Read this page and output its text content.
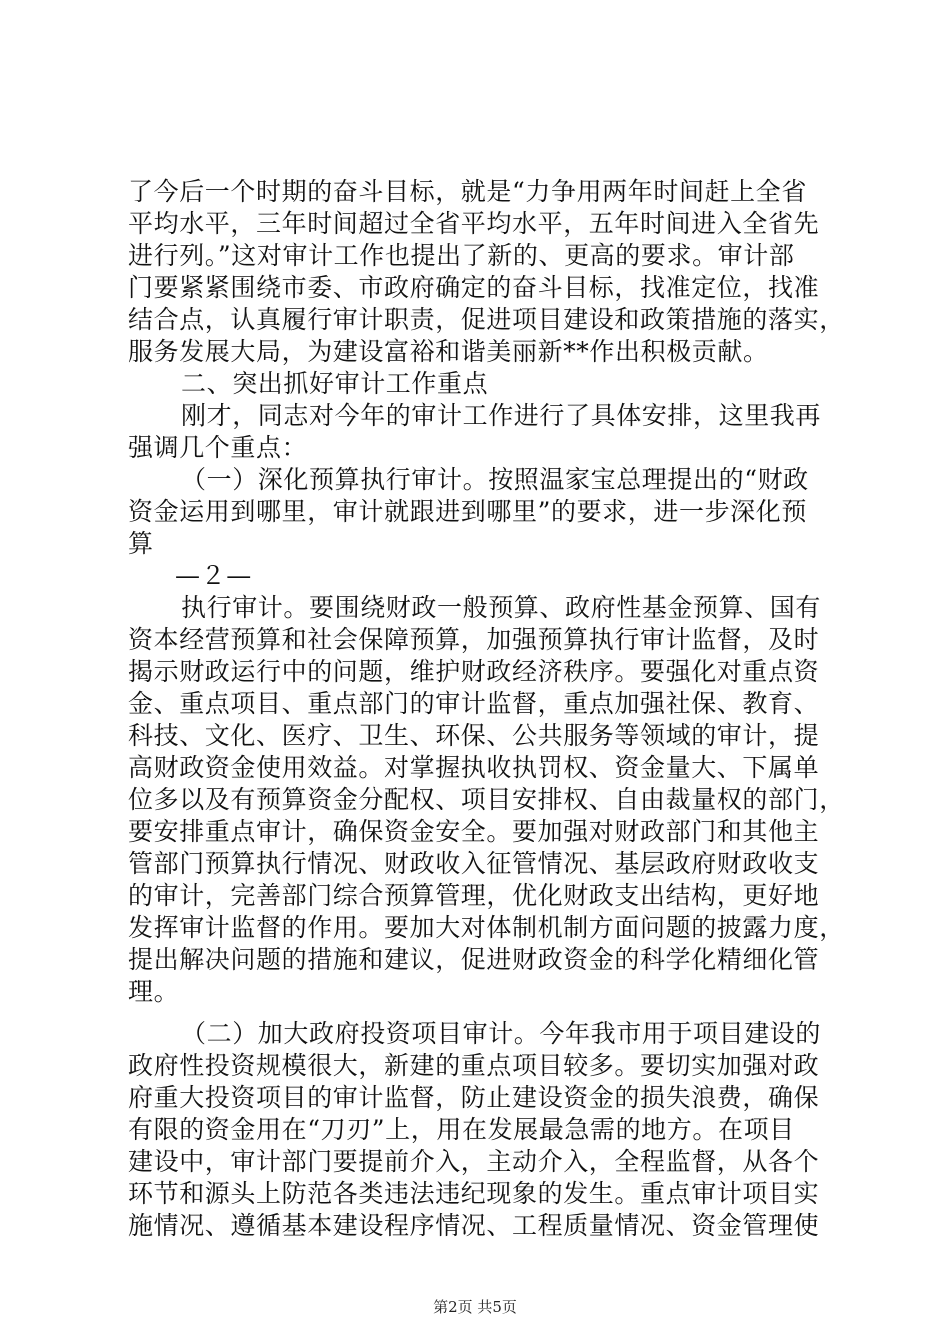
了今后一个时期的奋斗目标，就是“力争用两年时间赶上全省
平均水平，三年时间超过全省平均水平，五年时间进入全省先
进行列。”这对审计工作也提出了新的、更高的要求。审计部
门要紧紧围绕市委、市政府确定的奋斗目标，找准定位，找准
结合点，认真履行审计职责，促进项目建设和政策措施的落实，
服务发展大局，为建设富裕和谐美丽新**作出积极贡献。
二、突出抓好审计工作重点
刚才，同志对今年的审计工作进行了具体安排，这里我再
强调几个重点：
（一）深化预算执行审计。按照温家宝总理提出的“财政
资金运用到哪里，审计就跟进到哪里”的要求，进一步深化预
算
—２—
执行审计。要围绕财政一般预算、政府性基金预算、国有
资本经营预算和社会保障预算，加强预算执行审计监督，及时
揭示财政运行中的问题，维护财政经济秩序。要强化对重点资
金、重点项目、重点部门的审计监督，重点加强社保、教育、
科技、文化、医疗、卫生、环保、公共服务等领域的审计，提
高财政资金使用效益。对掌握执收执罚权、资金量大、下属单
位多以及有预算资金分配权、项目安排权、自由裁量权的部门，
要安排重点审计，确保资金安全。要加强对财政部门和其他主
管部门预算执行情况、财政收入征管情况、基层政府财政收支
的审计，完善部门综合预算管理，优化财政支出结构，更好地
发挥审计监督的作用。要加大对体制机制方面问题的披露力度，
提出解决问题的措施和建议，促进财政资金的科学化精细化管
理。
（二）加大政府投资项目审计。今年我市用于项目建设的
政府性投资规模很大，新建的重点项目较多。要切实加强对政
府重大投资项目的审计监督，防止建设资金的损失浪费，确保
有限的资金用在“刀刃”上，用在发展最急需的地方。在项目
建设中，审计部门要提前介入，主动介入，全程监督，从各个
环节和源头上防范各类违法违纪现象的发生。重点审计项目实
施情况、遵循基本建设程序情况、工程质量情况、资金管理使
第2页 共5页
